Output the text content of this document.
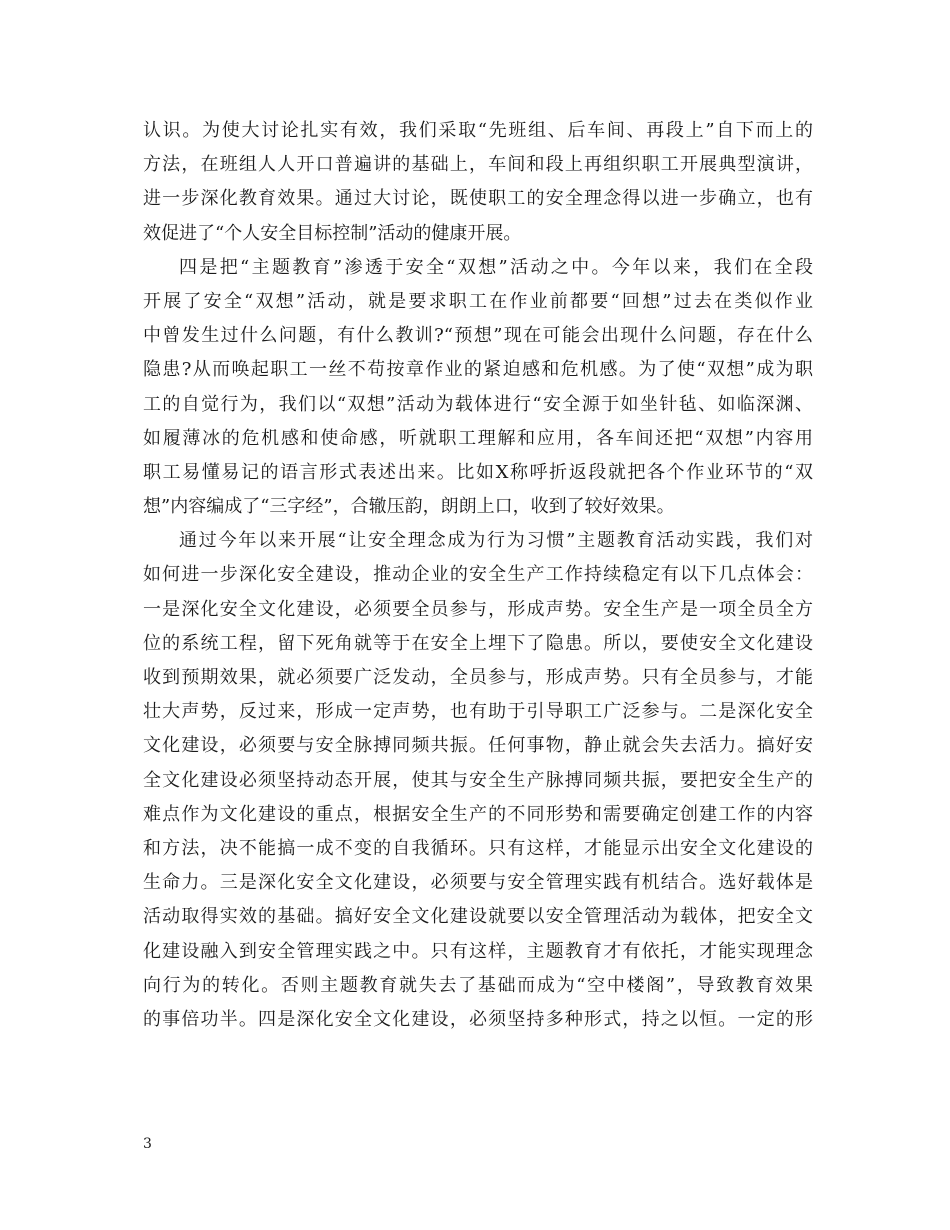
认识。为使大讨论扎实有效，我们采取“先班组、后车间、再段上”自下而上的
方法，在班组人人开口普遍讲的基础上，车间和段上再组织职工开展典型演讲，
进一步深化教育效果。通过大讨论，既使职工的安全理念得以进一步确立，也有
效促进了“个人安全目标控制”活动的健康开展。
四是把“主题教育”渗透于安全“双想”活动之中。今年以来，我们在全段
开展了安全“双想”活动，就是要求职工在作业前都要“回想”过去在类似作业
中曾发生过什么问题，有什么教训?“预想”现在可能会出现什么问题，存在什么
隐患?从而唤起职工一丝不苟按章作业的紧迫感和危机感。为了使“双想”成为职
工的自觉行为，我们以“双想”活动为载体进行“安全源于如坐针毡、如临深渊、
如履薄冰的危机感和使命感，听就职工理解和应用，各车间还把“双想”内容用
职工易懂易记的语言形式表述出来。比如X称呼折返段就把各个作业环节的“双
想”内容编成了“三字经”，合辙压韵，朗朗上口，收到了较好效果。
通过今年以来开展“让安全理念成为行为习惯”主题教育活动实践，我们对
如何进一步深化安全建设，推动企业的安全生产工作持续稳定有以下几点体会：
一是深化安全文化建设，必须要全员参与，形成声势。安全生产是一项全员全方
位的系统工程，留下死角就等于在安全上埋下了隐患。所以，要使安全文化建设
收到预期效果，就必须要广泛发动，全员参与，形成声势。只有全员参与，才能
壮大声势，反过来，形成一定声势，也有助于引导职工广泛参与。二是深化安全
文化建设，必须要与安全脉搏同频共振。任何事物，静止就会失去活力。搞好安
全文化建设必须坚持动态开展，使其与安全生产脉搏同频共振，要把安全生产的
难点作为文化建设的重点，根据安全生产的不同形势和需要确定创建工作的内容
和方法，决不能搞一成不变的自我循环。只有这样，才能显示出安全文化建设的
生命力。三是深化安全文化建设，必须要与安全管理实践有机结合。选好载体是
活动取得实效的基础。搞好安全文化建设就要以安全管理活动为载体，把安全文
化建设融入到安全管理实践之中。只有这样，主题教育才有依托，才能实现理念
向行为的转化。否则主题教育就失去了基础而成为“空中楼阁”，导致教育效果
的事倍功半。四是深化安全文化建设，必须坚持多种形式，持之以恒。一定的形
3
